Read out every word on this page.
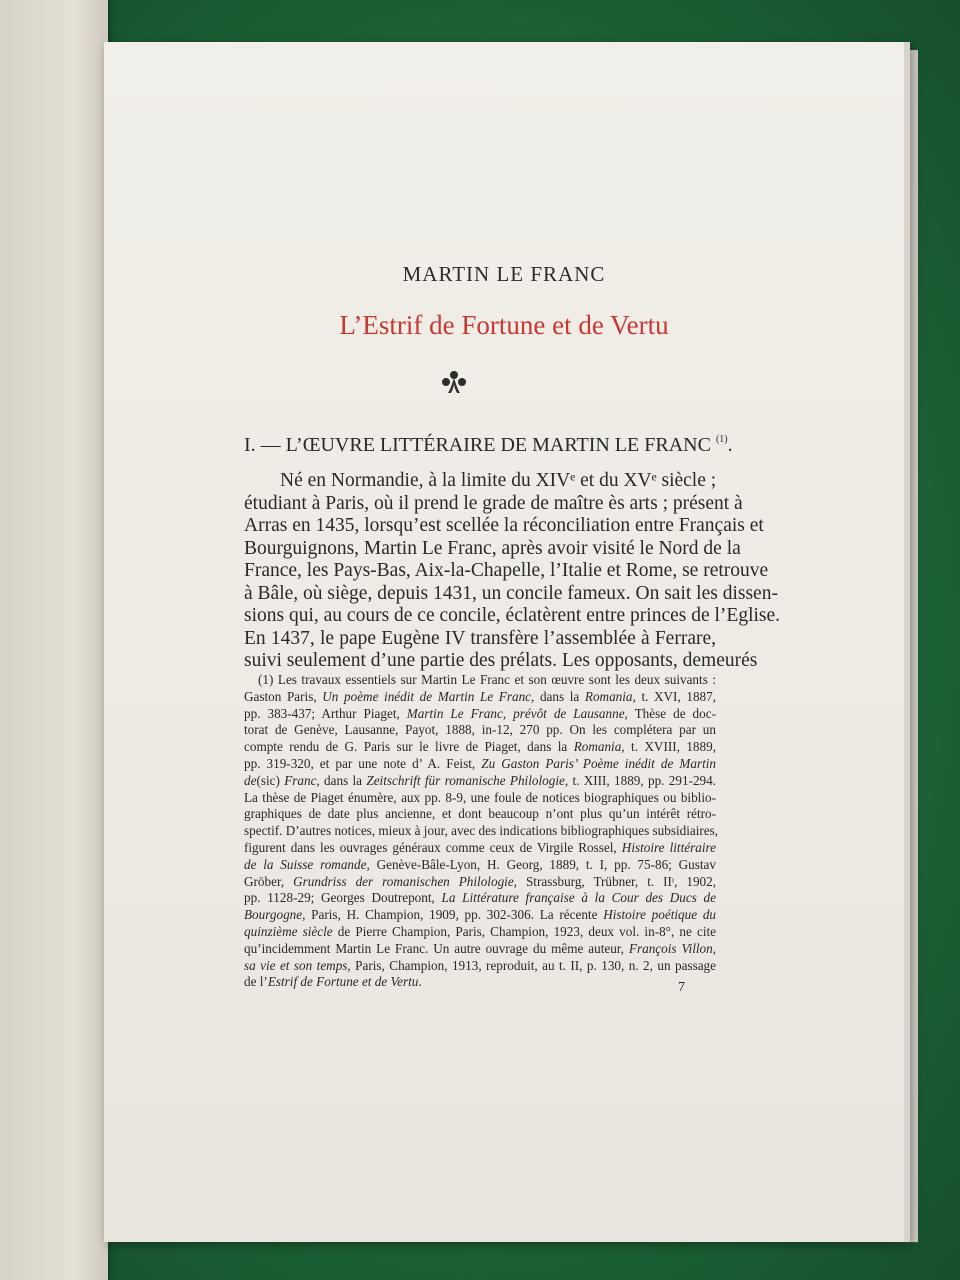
MARTIN LE FRANC
L’Estrif de Fortune et de Vertu
I. — L’ŒUVRE LITTÉRAIRE DE MARTIN LE FRANC $^{(1)}$.

Né en Normandie, à la limite du XIVᵉ et du XVᵉ siècle ;

étudiant à Paris, où il prend le grade de maître ès arts ; présent à

Arras en 1435, lorsqu’est scellée la réconciliation entre Français et

Bourguignons, Martin Le Franc, après avoir visité le Nord de la

France, les Pays-Bas, Aix-la-Chapelle, l’Italie et Rome, se retrouve

à Bâle, où siège, depuis 1431, un concile fameux. On sait les dissen-

sions qui, au cours de ce concile, éclatèrent entre princes de l’Eglise.

En 1437, le pape Eugène IV transfère l’assemblée à Ferrare,

suivi seulement d’une partie des prélats. Les opposants, demeurés

(1) Les travaux essentiels sur Martin Le Franc et son œuvre sont les deux suivants :

Gaston Paris, Un poème inédit de Martin Le Franc, dans la Romania, t. XVI, 1887,

pp. 383-437; Arthur Piaget, Martin Le Franc, prévôt de Lausanne, Thèse de doc-

torat de Genève, Lausanne, Payot, 1888, in-12, 270 pp. On les complétera par un

compte rendu de G. Paris sur le livre de Piaget, dans la Romania, t. XVIII, 1889,

pp. 319-320, et par une note d’ A. Feist, Zu Gaston Paris’ Poème inédit de Martin

de(sic) Franc, dans la Zeitschrift für romanische Philologie, t. XIII, 1889, pp. 291-294.

La thèse de Piaget énumère, aux pp. 8-9, une foule de notices biographiques ou biblio-

graphiques de date plus ancienne, et dont beaucoup n’ont plus qu’un intérêt rétro-

spectif. D’autres notices, mieux à jour, avec des indications bibliographiques subsidiaires,

figurent dans les ouvrages généraux comme ceux de Virgile Rossel, Histoire littéraire

de la Suisse romande, Genève-Bâle-Lyon, H. Georg, 1889, t. I, pp. 75-86; Gustav

Gröber, Grundriss der romanischen Philologie, Strassburg, Trübner, t. IIᶦ, 1902,

pp. 1128-29; Georges Doutrepont, La Littérature française à la Cour des Ducs de

Bourgogne, Paris, H. Champion, 1909, pp. 302-306. La récente Histoire poétique du

quinzième siècle de Pierre Champion, Paris, Champion, 1923, deux vol. in-8°, ne cite

qu’incidemment Martin Le Franc. Un autre ouvrage du même auteur, François Villon,

sa vie et son temps, Paris, Champion, 1913, reproduit, au t. II, p. 130, n. 2, un passage

de l’Estrif de Fortune et de Vertu.	7
